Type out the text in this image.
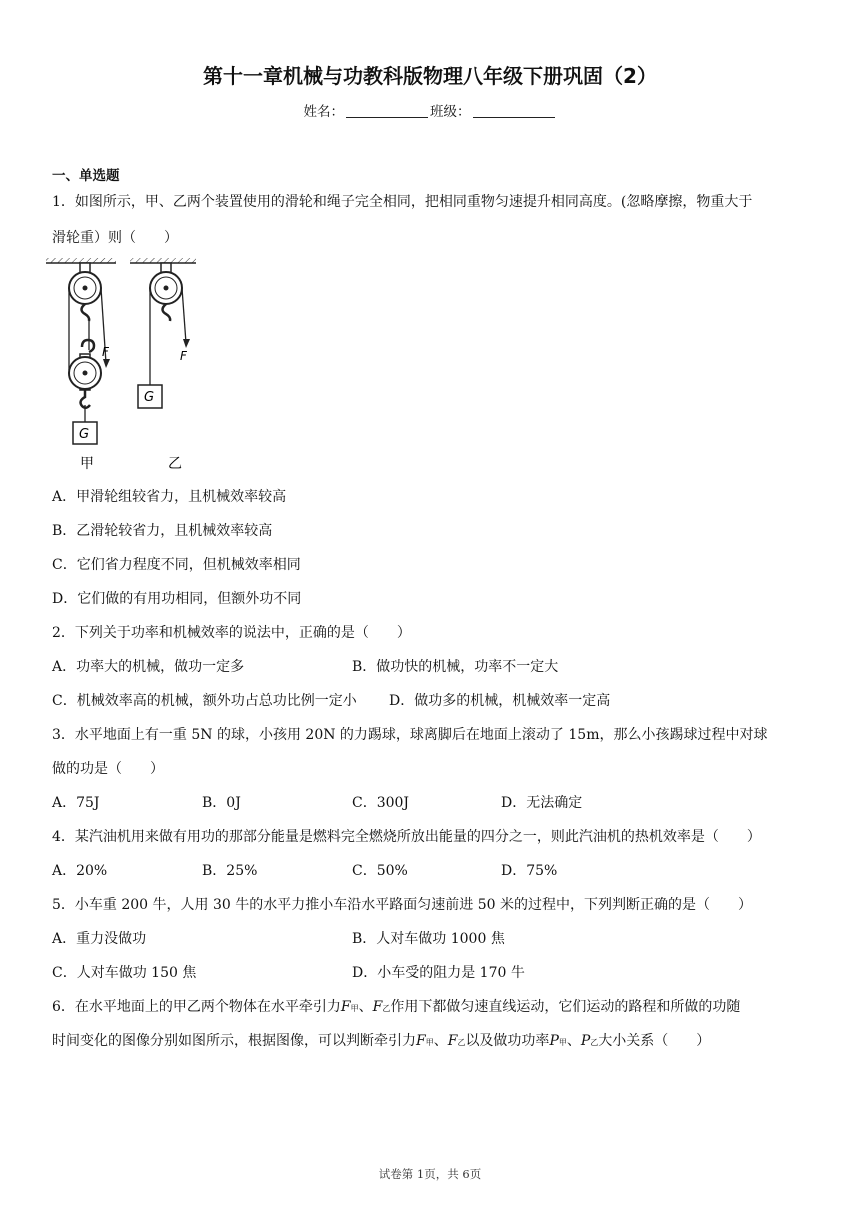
第十一章机械与功教科版物理八年级下册巩固（2）
姓名：	班级：
一、单选题
1．如图所示，甲、乙两个装置使用的滑轮和绳子完全相同，把相同重物匀速提升相同高度。(忽略摩擦，物重大于
滑轮重）则（　　）
F
G
甲
F
G
乙
A．甲滑轮组较省力，且机械效率较高
B．乙滑轮较省力，且机械效率较高
C．它们省力程度不同，但机械效率相同
D．它们做的有用功相同，但额外功不同
2．下列关于功率和机械效率的说法中，正确的是（　　）
A．功率大的机械，做功一定多	B．做功快的机械，功率不一定大
C．机械效率高的机械，额外功占总功比例一定小 D．做功多的机械，机械效率一定高
3．水平地面上有一重 5N 的球，小孩用 20N 的力踢球，球离脚后在地面上滚动了 15m，那么小孩踢球过程中对球
做的功是（　　）
A．75J	B．0J	C．300J	D．无法确定
4．某汽油机用来做有用功的那部分能量是燃料完全燃烧所放出能量的四分之一，则此汽油机的热机效率是（　　）
A．20%	B．25%	C．50%	D．75%
5．小车重 200 牛，人用 30 牛的水平力推小车沿水平路面匀速前进 50 米的过程中，下列判断正确的是（　　）
A．重力没做功	B．人对车做功 1000 焦
C．人对车做功 150 焦	D．小车受的阻力是 170 牛
6．在水平地面上的甲乙两个物体在水平牵引力F甲、F乙作用下都做匀速直线运动，它们运动的路程和所做的功随
时间变化的图像分别如图所示，根据图像，可以判断牵引力F甲、F乙以及做功功率P甲、P乙大小关系（　　）
试卷第 1页，共 6页
